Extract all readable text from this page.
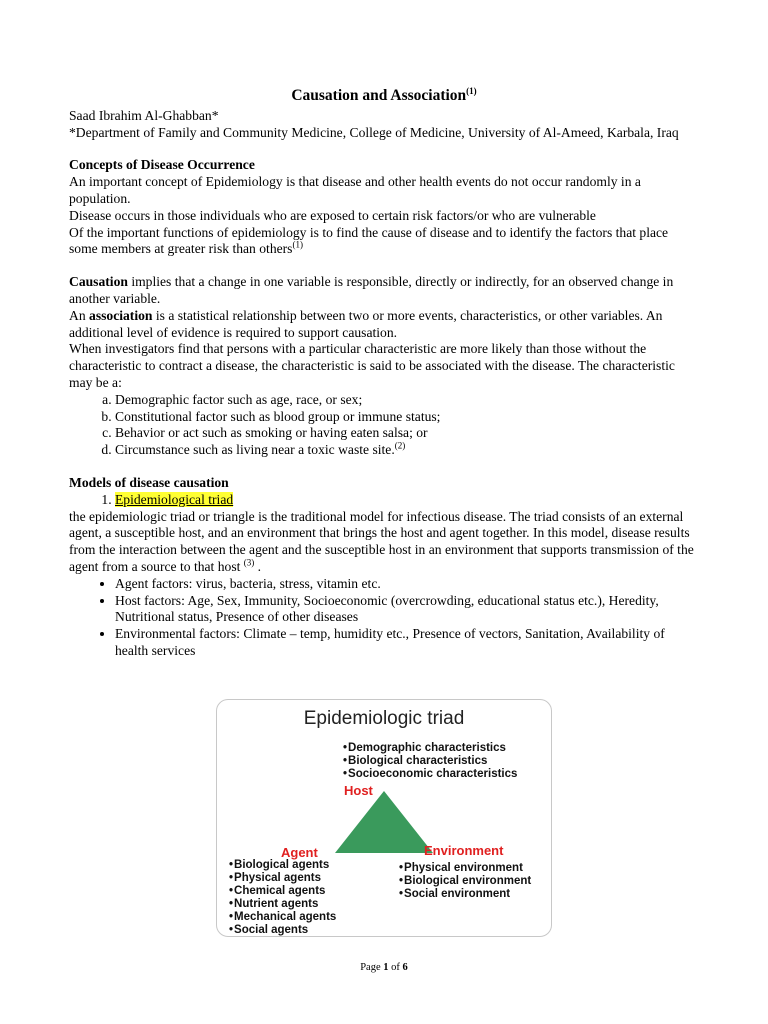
Causation and Association$^{(1)}$

Saad Ibrahim Al-Ghabban*

*Department of Family and Community Medicine, College of Medicine, University of Al-Ameed, Karbala, Iraq

Concepts of Disease Occurrence

An important concept of Epidemiology is that disease and other health events do not occur randomly in a population.

Disease occurs in those individuals who are exposed to certain risk factors/or who are vulnerable

Of the important functions of epidemiology is to find the cause of disease and to identify the factors that place some members at greater risk than others$^{(1)}$

Causation implies that a change in one variable is responsible, directly or indirectly, for an observed change in another variable.

An association is a statistical relationship between two or more events, characteristics, or other variables. An additional level of evidence is required to support causation.

When investigators find that persons with a particular characteristic are more likely than those without the characteristic to contract a disease, the characteristic is said to be associated with the disease. The characteristic may be a:

a. Demographic factor such as age, race, or sex;
b. Constitutional factor such as blood group or immune status;
c. Behavior or act such as smoking or having eaten salsa; or
d. Circumstance such as living near a toxic waste site.$^{(2)}$

Models of disease causation

1. Epidemiological triad

the epidemiologic triad or triangle is the traditional model for infectious disease. The triad consists of an external agent, a susceptible host, and an environment that brings the host and agent together. In this model, disease results from the interaction between the agent and the susceptible host in an environment that supports transmission of the agent from a source to that host $^{(3)}$ .

• Agent factors: virus, bacteria, stress, vitamin etc.
• Host factors: Age, Sex, Immunity, Socioeconomic (overcrowding, educational status etc.), Heredity, Nutritional status, Presence of other diseases
• Environmental factors: Climate – temp, humidity etc., Presence of vectors, Sanitation, Availability of health services
Epidemiologic triad
• Demographic characteristics
• Biological characteristics
• Socioeconomic characteristics
Host
Agent	Environment
• Biological agents
• Physical agents
• Chemical agents
• Nutrient agents
• Mechanical agents
• Social agents
• Physical environment
• Biological environment
• Social environment
Page 1 of 6
